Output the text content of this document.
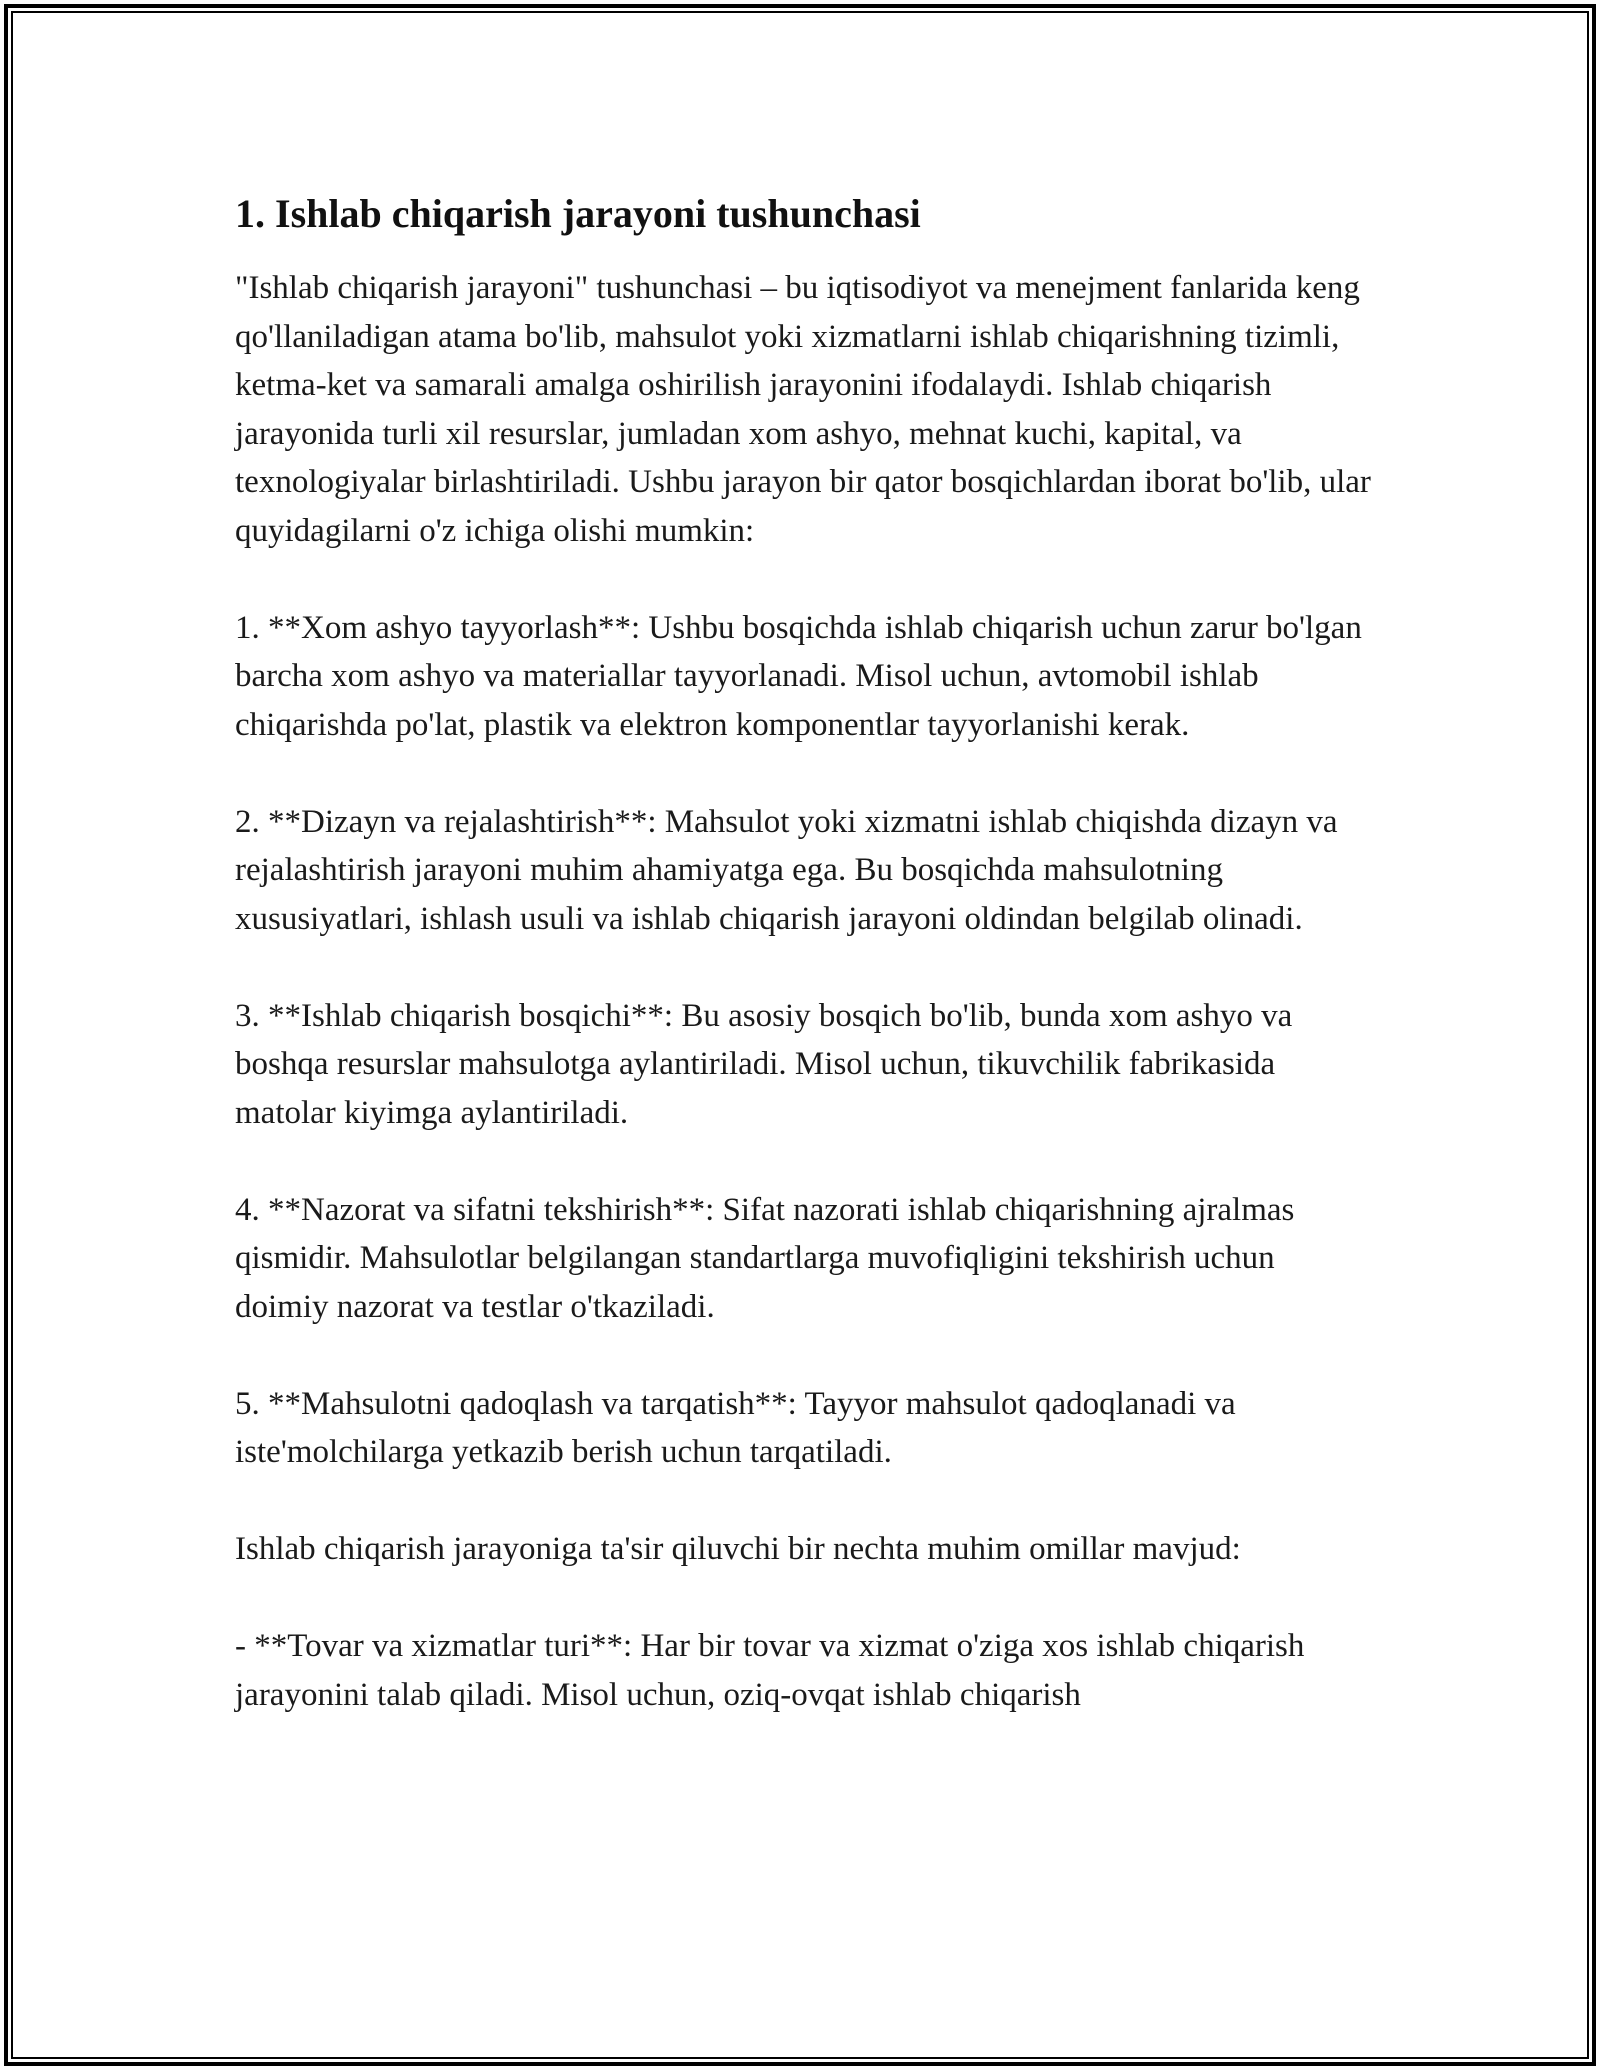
1. Ishlab chiqarish jarayoni tushunchasi

"Ishlab chiqarish jarayoni" tushunchasi – bu iqtisodiyot va menejment fanlarida keng qo'llaniladigan atama bo'lib, mahsulot yoki xizmatlarni ishlab chiqarishning tizimli, ketma-ket va samarali amalga oshirilish jarayonini ifodalaydi. Ishlab chiqarish jarayonida turli xil resurslar, jumladan xom ashyo, mehnat kuchi, kapital, va texnologiyalar birlashtiriladi. Ushbu jarayon bir qator bosqichlardan iborat bo'lib, ular quyidagilarni o'z ichiga olishi mumkin:

1. **Xom ashyo tayyorlash**: Ushbu bosqichda ishlab chiqarish uchun zarur bo'lgan barcha xom ashyo va materiallar tayyorlanadi. Misol uchun, avtomobil ishlab chiqarishda po'lat, plastik va elektron komponentlar tayyorlanishi kerak.

2. **Dizayn va rejalashtirish**: Mahsulot yoki xizmatni ishlab chiqishda dizayn va rejalashtirish jarayoni muhim ahamiyatga ega. Bu bosqichda mahsulotning xususiyatlari, ishlash usuli va ishlab chiqarish jarayoni oldindan belgilab olinadi.

3. **Ishlab chiqarish bosqichi**: Bu asosiy bosqich bo'lib, bunda xom ashyo va boshqa resurslar mahsulotga aylantiriladi. Misol uchun, tikuvchilik fabrikasida matolar kiyimga aylantiriladi.

4. **Nazorat va sifatni tekshirish**: Sifat nazorati ishlab chiqarishning ajralmas qismidir. Mahsulotlar belgilangan standartlarga muvofiqligini tekshirish uchun doimiy nazorat va testlar o'tkaziladi.

5. **Mahsulotni qadoqlash va tarqatish**: Tayyor mahsulot qadoqlanadi va iste'molchilarga yetkazib berish uchun tarqatiladi.

Ishlab chiqarish jarayoniga ta'sir qiluvchi bir nechta muhim omillar mavjud:

- **Tovar va xizmatlar turi**: Har bir tovar va xizmat o'ziga xos ishlab chiqarish jarayonini talab qiladi. Misol uchun, oziq-ovqat ishlab chiqarish
